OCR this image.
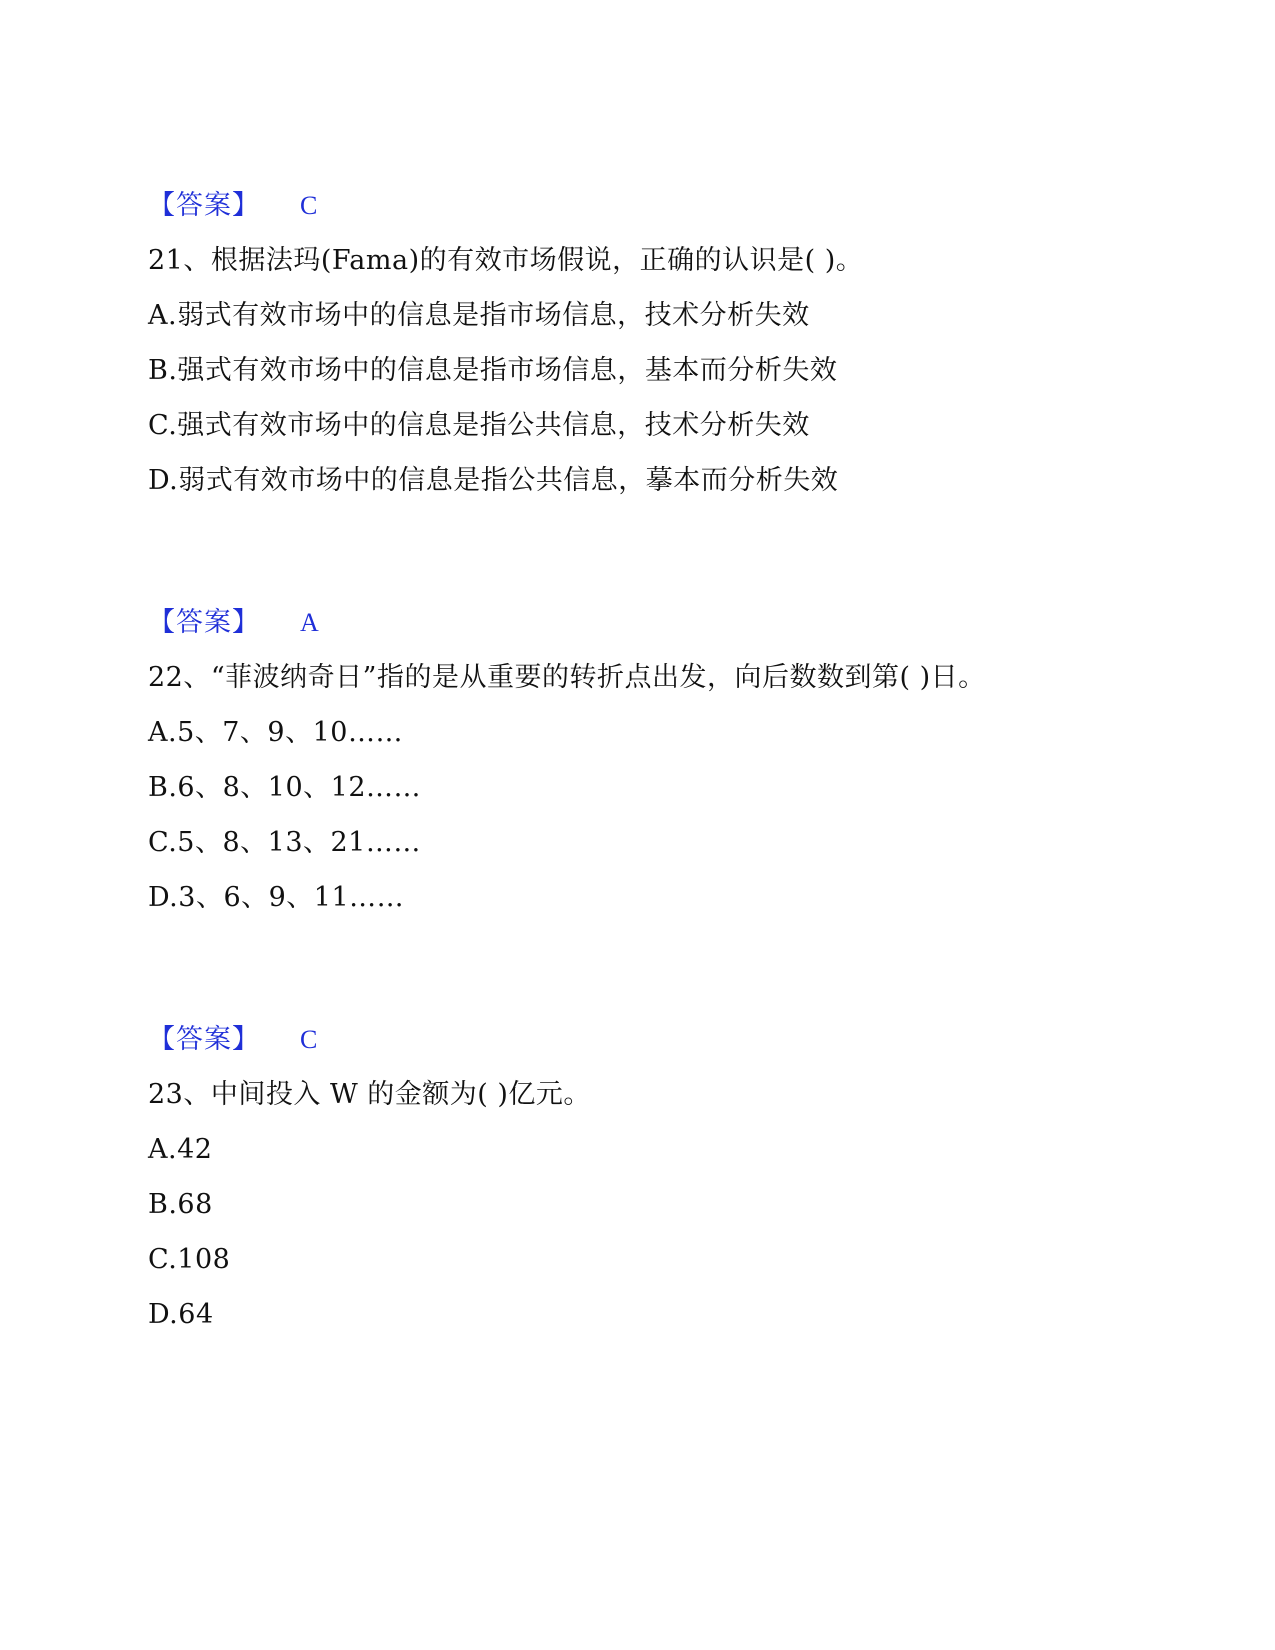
【答案】 C
21、根据法玛(Fama)的有效市场假说，正确的认识是( )。
A.弱式有效市场中的信息是指市场信息，技术分析失效
B.强式有效市场中的信息是指市场信息，基本而分析失效
C.强式有效市场中的信息是指公共信息，技术分析失效
D.弱式有效市场中的信息是指公共信息，摹本而分析失效
【答案】 A
22、“菲波纳奇日”指的是从重要的转折点出发，向后数数到第( )日。
A.5、7、9、10……
B.6、8、10、12……
C.5、8、13、21……
D.3、6、9、11……
【答案】 C
23、中间投入 W 的金额为( )亿元。
A.42
B.68
C.108
D.64
